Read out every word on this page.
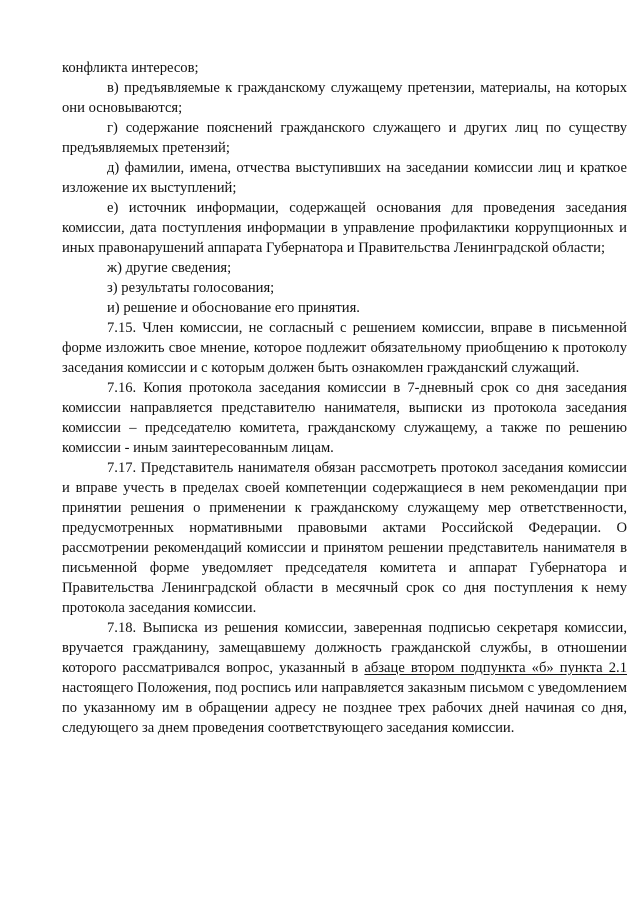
конфликта интересов;

в) предъявляемые к гражданскому служащему претензии, материалы, на которых они основываются;

г) содержание пояснений гражданского служащего и других лиц по существу предъявляемых претензий;

д) фамилии, имена, отчества выступивших на заседании комиссии лиц и краткое изложение их выступлений;

е) источник информации, содержащей основания для проведения заседания комиссии, дата поступления информации в управление профилактики коррупционных и иных правонарушений аппарата Губернатора и Правительства Ленинградской области;

ж) другие сведения;

з) результаты голосования;

и) решение и обоснование его принятия.

7.15. Член комиссии, не согласный с решением комиссии, вправе в письменной форме изложить свое мнение, которое подлежит обязательному приобщению к протоколу заседания комиссии и с которым должен быть ознакомлен гражданский служащий.

7.16. Копия протокола заседания комиссии в 7-дневный срок со дня заседания комиссии направляется представителю нанимателя, выписки из протокола заседания комиссии – председателю комитета, гражданскому служащему, а также по решению комиссии - иным заинтересованным лицам.

7.17. Представитель нанимателя обязан рассмотреть протокол заседания комиссии и вправе учесть в пределах своей компетенции содержащиеся в нем рекомендации при принятии решения о применении к гражданскому служащему мер ответственности, предусмотренных нормативными правовыми актами Российской Федерации. О рассмотрении рекомендаций комиссии и принятом решении представитель нанимателя в письменной форме уведомляет председателя комитета и аппарат Губернатора и Правительства Ленинградской области в месячный срок со дня поступления к нему протокола заседания комиссии.

7.18. Выписка из решения комиссии, заверенная подписью секретаря комиссии, вручается гражданину, замещавшему должность гражданской службы, в отношении которого рассматривался вопрос, указанный в абзаце втором подпункта «б» пункта 2.1 настоящего Положения, под роспись или направляется заказным письмом с уведомлением по указанному им в обращении адресу не позднее трех рабочих дней начиная со дня, следующего за днем проведения соответствующего заседания комиссии.
